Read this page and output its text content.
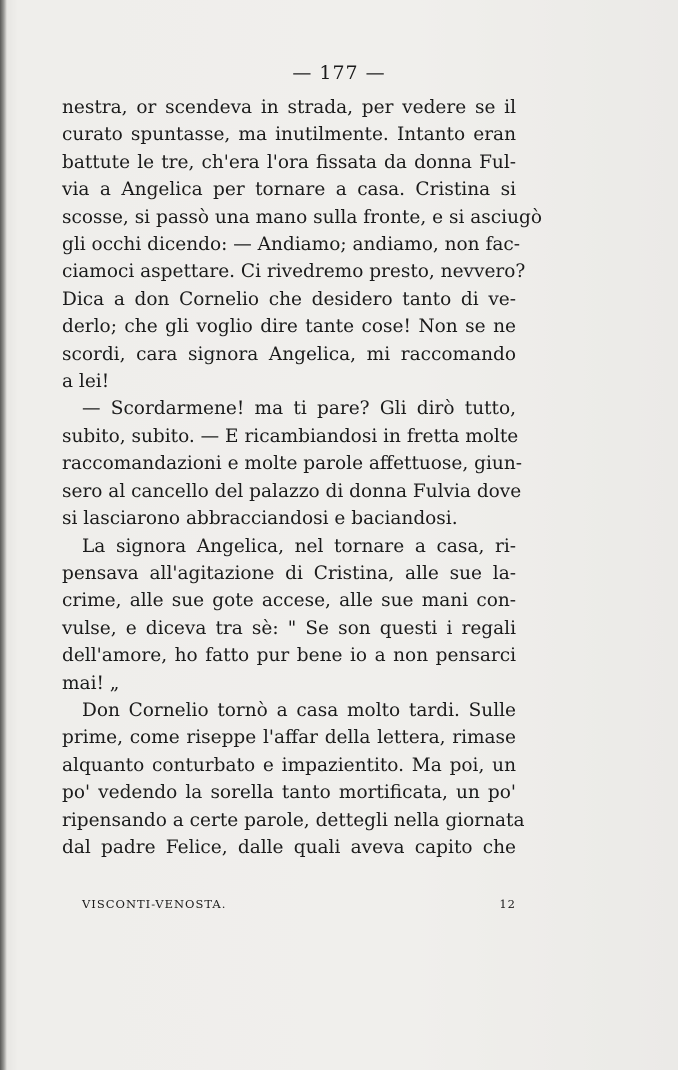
— 177 —

nestra, or scendeva in strada, per vedere se il
curato spuntasse, ma inutilmente. Intanto eran
battute le tre, ch'era l'ora fissata da donna Ful-
via a Angelica per tornare a casa. Cristina si
scosse, si passò una mano sulla fronte, e si asciugò
gli occhi dicendo: — Andiamo; andiamo, non fac-
ciamoci aspettare. Ci rivedremo presto, nevvero?
Dica a don Cornelio che desidero tanto di ve-
derlo; che gli voglio dire tante cose! Non se ne
scordi, cara signora Angelica, mi raccomando
a lei!
— Scordarmene! ma ti pare? Gli dirò tutto,
subito, subito. — E ricambiandosi in fretta molte
raccomandazioni e molte parole affettuose, giun-
sero al cancello del palazzo di donna Fulvia dove
si lasciarono abbracciandosi e baciandosi.
La signora Angelica, nel tornare a casa, ri-
pensava all'agitazione di Cristina, alle sue la-
crime, alle sue gote accese, alle sue mani con-
vulse, e diceva tra sè: " Se son questi i regali
dell'amore, ho fatto pur bene io a non pensarci
mai! „
Don Cornelio tornò a casa molto tardi. Sulle
prime, come riseppe l'affar della lettera, rimase
alquanto conturbato e impazientito. Ma poi, un
po' vedendo la sorella tanto mortificata, un po'
ripensando a certe parole, dettegli nella giornata
dal padre Felice, dalle quali aveva capito che
VISCONTI-VENOSTA.	12
